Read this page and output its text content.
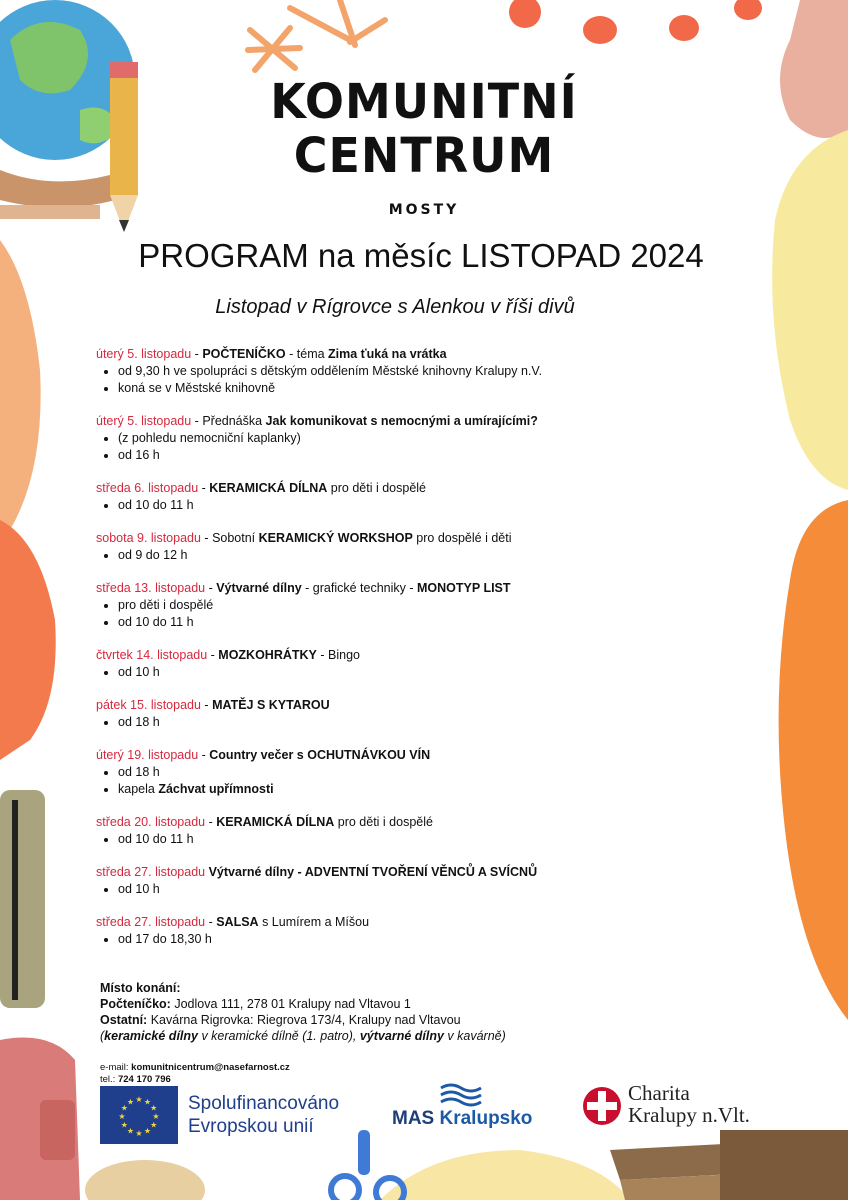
KOMUNITNÍ
CENTRUM
MOSTY
PROGRAM na měsíc LISTOPAD 2024
Listopad v Rígrovce s Alenkou v říši divů
úterý 5. listopadu - POČTENÍČKO - téma Zima ťuká na vrátka
• od 9,30 h ve spolupráci s dětským oddělením Městské knihovny Kralupy n.V.
• koná se v Městské knihovně
úterý 5. listopadu - Přednáška Jak komunikovat s nemocnými a umírajícími?
• (z pohledu nemocniční kaplanky)
• od 16 h
středa 6. listopadu - KERAMICKÁ DÍLNA pro děti i dospělé
• od 10 do 11 h
sobota 9. listopadu - Sobotní KERAMICKÝ WORKSHOP pro dospělé i děti
• od 9 do 12 h
středa 13. listopadu - Výtvarné dílny - grafické techniky - MONOTYP LIST
• pro děti i dospělé
• od 10 do 11 h
čtvrtek 14. listopadu - MOZKOHRÁTKY - Bingo
• od 10 h
pátek 15. listopadu - MATĚJ S KYTAROU
• od 18 h
úterý 19. listopadu - Country večer s OCHUTNÁVKOU VÍN
• od 18 h
• kapela Záchvat upřímnosti
středa 20. listopadu - KERAMICKÁ DÍLNA pro děti i dospělé
• od 10 do 11 h
středa 27. listopadu Výtvarné dílny - ADVENTNÍ TVOŘENÍ VĚNCŮ A SVÍCNŮ
• od 10 h
středa 27. listopadu - SALSA s Lumírem a Míšou
• od 17 do 18,30 h
Místo konání:
Počteníčko: Jodlova 111, 278 01 Kralupy nad Vltavou 1
Ostatní: Kavárna Rigrovka: Riegrova 173/4, Kralupy nad Vltavou
(keramické dílny v keramické dílně (1. patro), výtvarné dílny v kavárně)
e-mail: komunitnicentrum@nasefarnost.cz
tel.: 724 170 796
★
★
★
★
★
★
★
★
★ ★ ★
★ Spolufinancováno
Evropskou unií	MAS Kralupsko
Charita
Kralupy n.Vlt.
